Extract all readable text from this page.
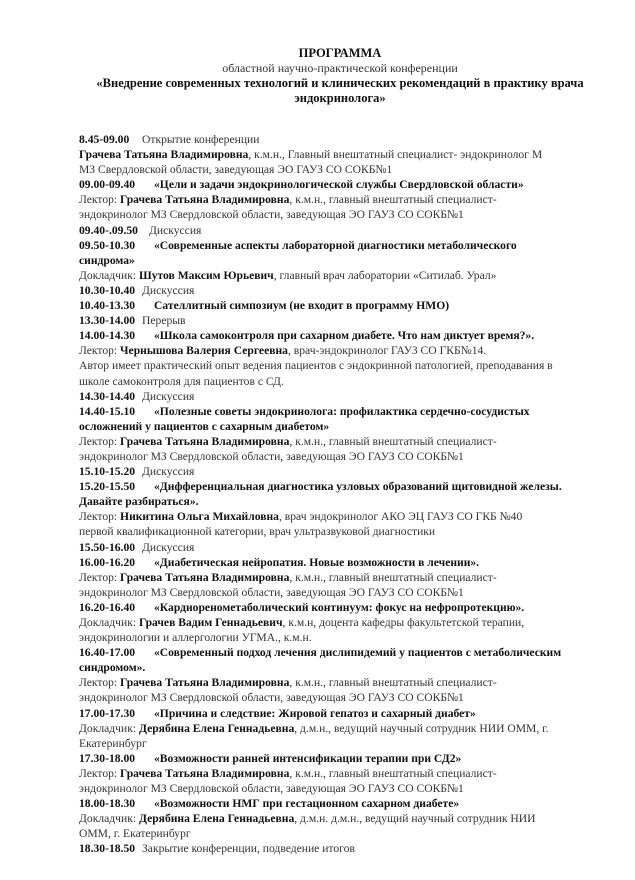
ПРОГРАММА
областной научно-практической конференции
«Внедрение современных технологий и клинических рекомендаций в практику врача
эндокринолога»
8.45-09.00 Открытие конференции
Грачева Татьяна Владимировна, к.м.н., Главный внештатный специалист- эндокринолог М
МЗ Свердловской области, заведующая ЭО ГАУЗ СО СОКБ№1
09.00-09.40 «Цели и задачи эндокринологической службы Свердловской области»
Лектор: Грачева Татьяна Владимировна, к.м.н., главный внештатный специалист-
эндокринолог МЗ Свердловской области, заведующая ЭО ГАУЗ СО СОКБ№1
09.40-.09.50 Дискуссия
09.50-10.30 «Современные аспекты лабораторной диагностики метаболического
синдрома»
Докладчик: Шутов Максим Юрьевич, главный врач лаборатории «Ситилаб. Урал»
10.30-10.40 Дискуссия
10.40-13.30 Сателлитный симпозиум (не входит в программу НМО)
13.30-14.00 Перерыв
14.00-14.30 «Школа самоконтроля при сахарном диабете. Что нам диктует время?».
Лектор: Чернышова Валерия Сергеевна, врач-эндокринолог ГАУЗ СО ГКБ№14.
Автор имеет практический опыт ведения пациентов с эндокринной патологией, преподавания в
школе самоконтроля для пациентов с СД.
14.30-14.40 Дискуссия
14.40-15.10 «Полезные советы эндокринолога: профилактика сердечно-сосудистых
осложнений у пациентов с сахарным диабетом»
Лектор: Грачева Татьяна Владимировна, к.м.н., главный внештатный специалист-
эндокринолог МЗ Свердловской области, заведующая ЭО ГАУЗ СО СОКБ№1
15.10-15.20 Дискуссия
15.20-15.50 «Дифференциальная диагностика узловых образований щитовидной железы.
Давайте разбираться».
Лектор: Никитина Ольга Михайловна, врач эндокринолог АКО ЭЦ ГАУЗ СО ГКБ №40
первой квалификационной категории, врач ультразвуковой диагностики
15.50-16.00 Дискуссия
16.00-16.20 «Диабетическая нейропатия. Новые возможности в лечении».
Лектор: Грачева Татьяна Владимировна, к.м.н., главный внештатный специалист-
эндокринолог МЗ Свердловской области, заведующая ЭО ГАУЗ СО СОКБ№1
16.20-16.40 «Кардиоренометаболический континуум: фокус на нефропротекцию».
Докладчик: Грачев Вадим Геннадьевич, к.м.н, доцента кафедры факультетской терапии,
эндокринологии и аллергологии УГМА., к.м.н.
16.40-17.00 «Современный подход лечения дислипидемий у пациентов с метаболическим
синдромом».
Лектор: Грачева Татьяна Владимировна, к.м.н., главный внештатный специалист-
эндокринолог МЗ Свердловской области, заведующая ЭО ГАУЗ СО СОКБ№1
17.00-17.30 «Причина и следствие: Жировой гепатоз и сахарный диабет»
Докладчик: Дерябина Елена Геннадьевна, д.м.н., ведущий научный сотрудник НИИ ОММ, г.
Екатеринбург
17.30-18.00 «Возможности ранней интенсификации терапии при СД2»
Лектор: Грачева Татьяна Владимировна, к.м.н., главный внештатный специалист-
эндокринолог МЗ Свердловской области, заведующая ЭО ГАУЗ СО СОКБ№1
18.00-18.30 «Возможности НМГ при гестационном сахарном диабете»
Докладчик: Дерябина Елена Геннадьевна, д.м.н. д.м.н., ведущий научный сотрудник НИИ
ОММ, г. Екатеринбург
18.30-18.50 Закрытие конференции, подведение итогов
